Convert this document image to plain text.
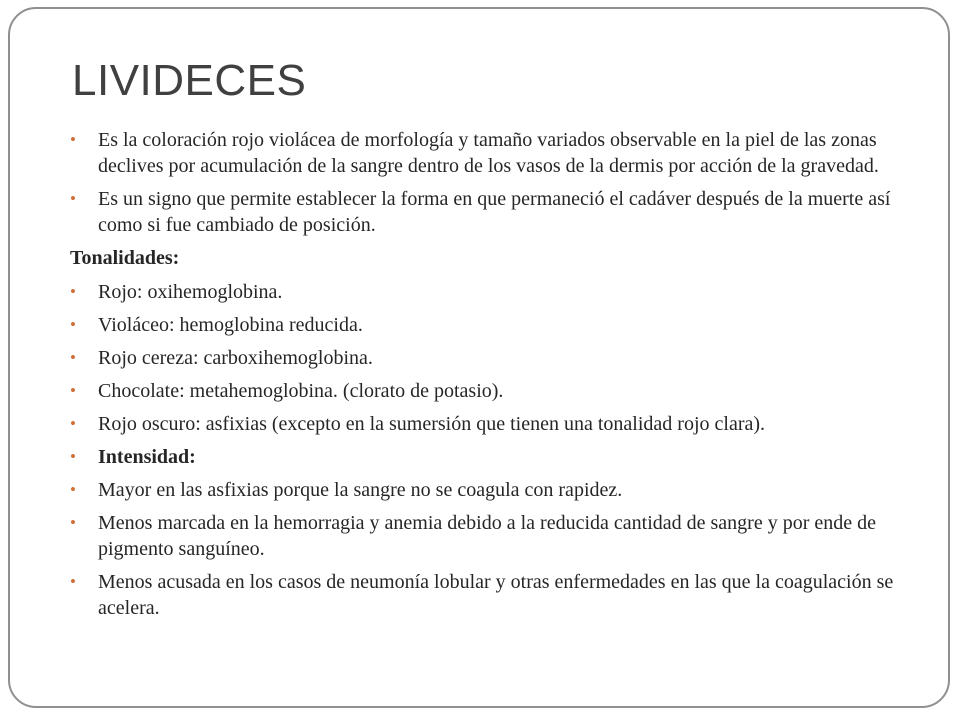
LIVIDECES
•	Es la coloración rojo violácea de morfología y tamaño variados observable en la piel de las zonas declives por acumulación de la sangre dentro de los vasos de la dermis por acción de la gravedad.
•	Es un signo que permite establecer la forma en que permaneció el cadáver después de la muerte así como si fue cambiado de posición.
Tonalidades:
•	Rojo: oxihemoglobina.
•	Violáceo: hemoglobina reducida.
•	Rojo cereza: carboxihemoglobina.
•	Chocolate: metahemoglobina. (clorato de potasio).
•	Rojo oscuro: asfixias (excepto en la sumersión que tienen una tonalidad rojo clara).
•	Intensidad:
•	Mayor en las asfixias porque la sangre no se coagula con rapidez.
•	Menos marcada en la hemorragia y anemia debido a la reducida cantidad de sangre y por ende de pigmento sanguíneo.
•	Menos acusada en los casos de neumonía lobular y otras enfermedades en las que la coagulación se acelera.
